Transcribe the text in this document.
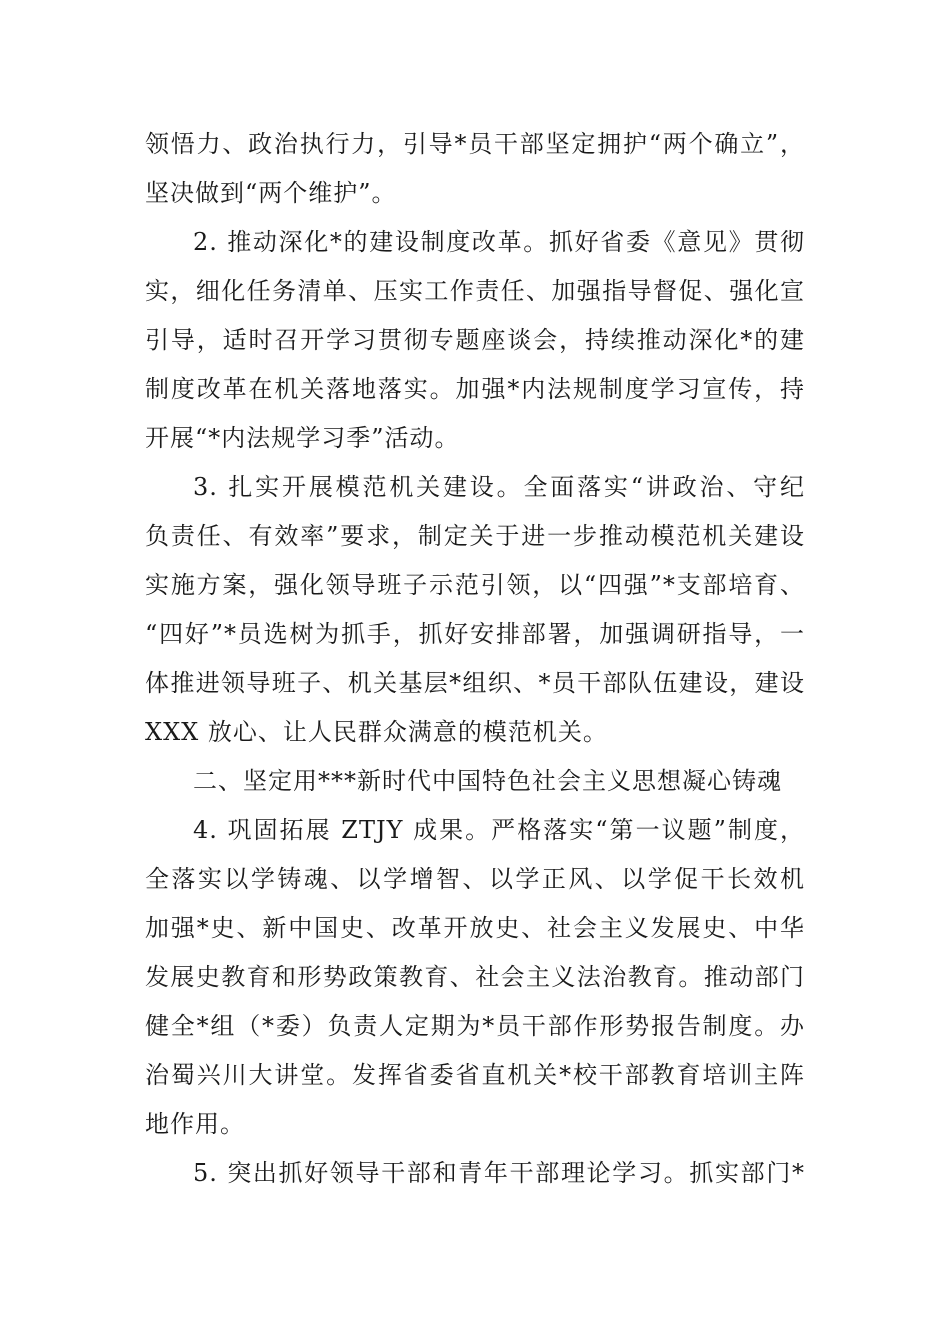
领悟力、政治执行力，引导*员干部坚定拥护“两个确立”，
坚决做到“两个维护”。
2. 推动深化*的建设制度改革。抓好省委《意见》贯彻
实，细化任务清单、压实工作责任、加强指导督促、强化宣
引导，适时召开学习贯彻专题座谈会，持续推动深化*的建
制度改革在机关落地落实。加强*内法规制度学习宣传，持
开展“*内法规学习季”活动。
3. 扎实开展模范机关建设。全面落实“讲政治、守纪
负责任、有效率”要求，制定关于进一步推动模范机关建设
实施方案，强化领导班子示范引领，以“四强”*支部培育、
“四好”*员选树为抓手，抓好安排部署，加强调研指导，一
体推进领导班子、机关基层*组织、*员干部队伍建设，建设
XXX 放心、让人民群众满意的模范机关。
二、坚定用***新时代中国特色社会主义思想凝心铸魂
4. 巩固拓展 ZTJY 成果。严格落实“第一议题”制度，
全落实以学铸魂、以学增智、以学正风、以学促干长效机
加强*史、新中国史、改革开放史、社会主义发展史、中华
发展史教育和形势政策教育、社会主义法治教育。推动部门
健全*组（*委）负责人定期为*员干部作形势报告制度。办
治蜀兴川大讲堂。发挥省委省直机关*校干部教育培训主阵
地作用。
5. 突出抓好领导干部和青年干部理论学习。抓实部门*
